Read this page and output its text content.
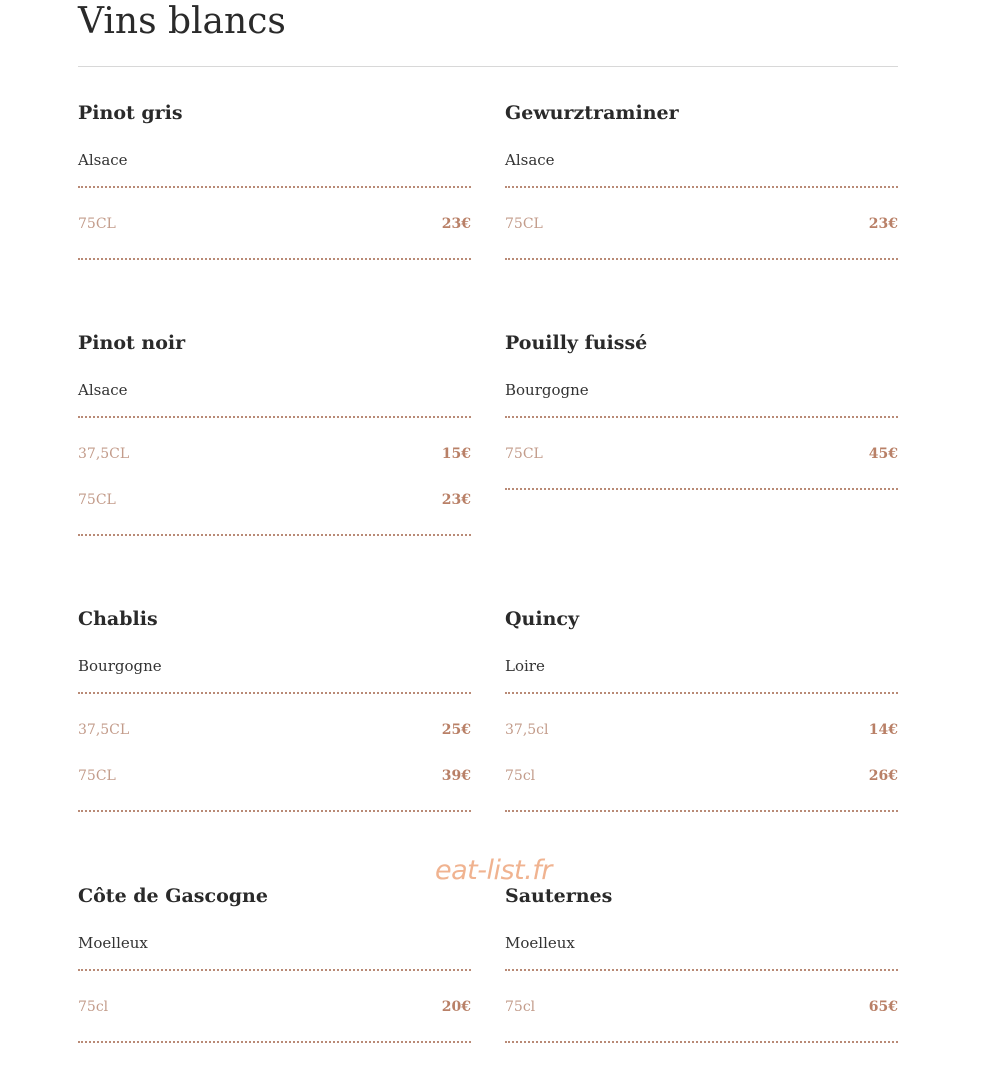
Vins blancs
Pinot gris
Alsace
75CL	23€
Gewurztraminer
Alsace
75CL	23€
Pinot noir
Alsace
37,5CL	15€
75CL	23€
Pouilly fuissé
Bourgogne
75CL	45€
Chablis
Bourgogne
37,5CL	25€
75CL	39€
Quincy
Loire
37,5cl	14€
75cl	26€
Côte de Gascogne
Moelleux
75cl	20€
Sauternes
Moelleux
75cl	65€
eat-list.fr
